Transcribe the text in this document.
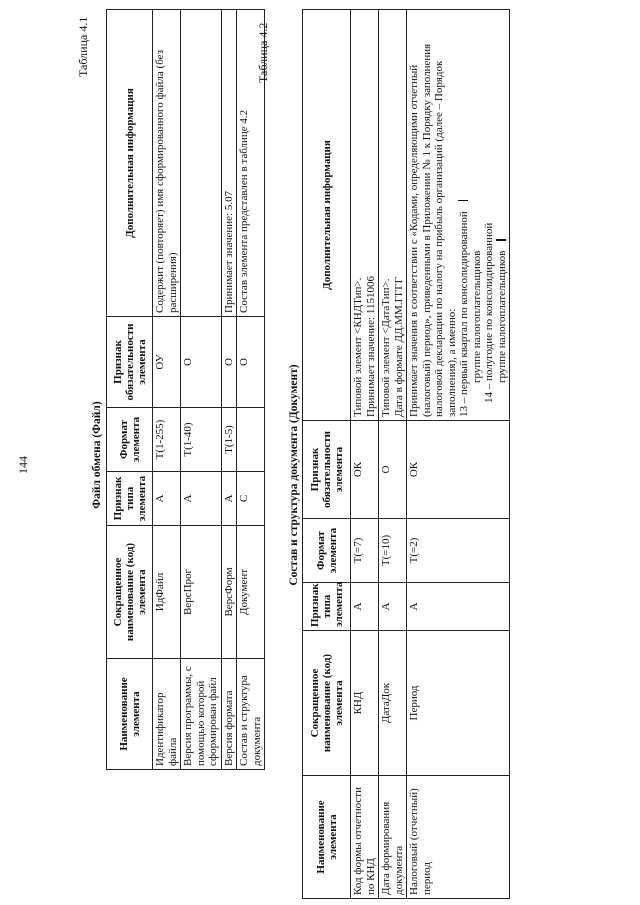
144
Таблица 4.1
Файл обмена (Файл)
Наименование элемента	Сокращенное наименование (код) элемента	Признак типа элемента	Формат элемента	Признак обязательности элемента	Дополнительная информация
Идентификатор файла	ИдФайл	А	T(1-255)	ОУ	Содержит (повторяет) имя сформированного файла (без расширения)
Версия программы, с помощью которой сформирован файл	ВерсПрог	А	T(1-40)	О	
Версия формата	ВерсФорм	А	T(1-5)	О	Принимает значение: 5.07
Состав и структура документа	Документ	С		О	Состав элемента представлен в таблице 4.2
Таблица 4.2
Состав и структура документа (Документ)
Наименование элемента	Сокращенное наименование (код) элемента	Признак типа элемента	Формат элемента	Признак обязательности элемента	Дополнительная информация
Код формы отчетности по КНД	КНД	А	T(=7)	ОК	Типовой элемент <КНДТип>. Принимает значение: 1151006

Дата формирования документа	ДатаДок	А	T(=10)	О	Типовой элемент <ДатаТип>. Дата в формате ДД.ММ.ГГГГ

Налоговый (отчетный) период	Период	А	T(=2)	ОК	Принимает значения в соответствии с «Кодами, определяющими отчетный (налоговый) период», приведенными в Приложении № 1 к Порядку заполнения налоговой декларации по налогу на прибыль организаций (далее – Порядок заполнения), а именно: 13 – первый квартал по консолидированной группе налогоплательщиков 14 – полугодие по консолидированной группе налогоплательщиков
